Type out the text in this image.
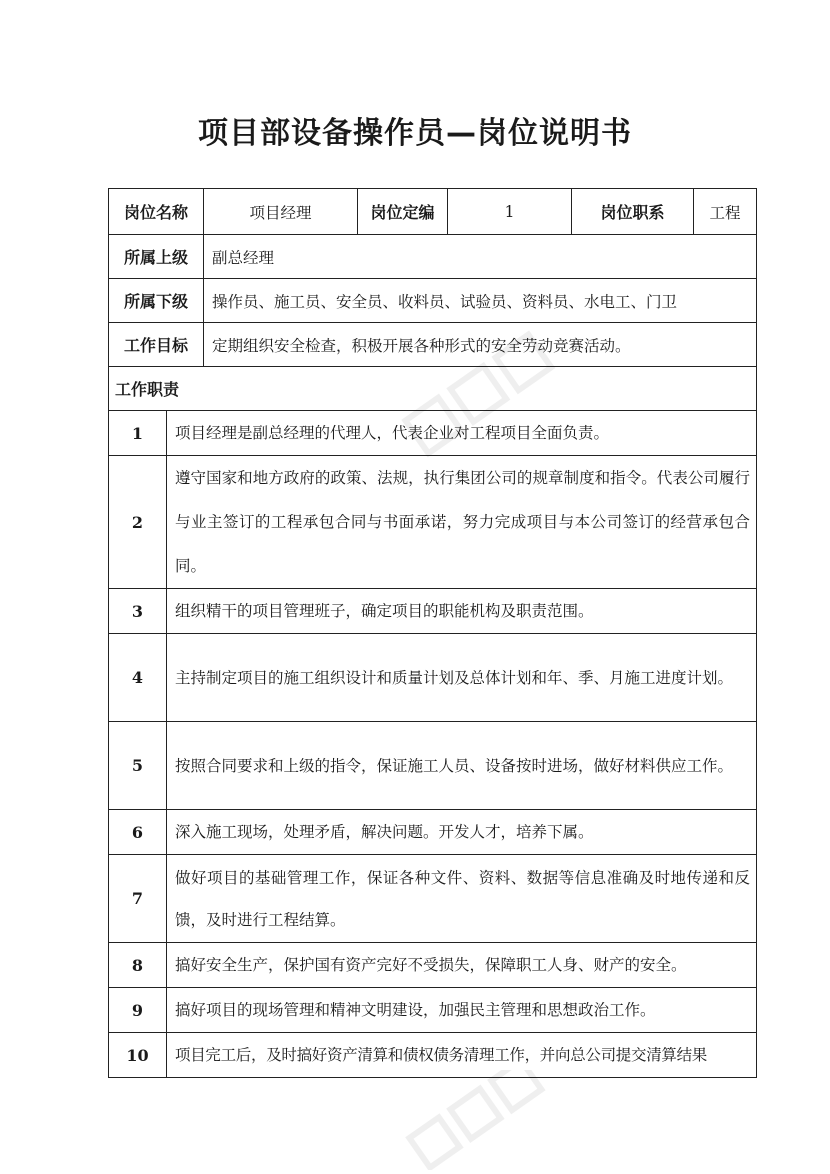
项目部设备操作员—岗位说明书
岗位名称		项目经理	岗位定编	1	岗位职系	工程
所属上级		副总经理				
所属下级		操作员、施工员、安全员、收料员、试验员、资料员、水电工、门卫				
工作目标		定期组织安全检查，积极开展各种形式的安全劳动竞赛活动。				
工作职责						
1	项目经理是副总经理的代理人，代表企业对工程项目全面负责。					
2	遵守国家和地方政府的政策、法规，执行集团公司的规章制度和指令。代表公司履行与业主签订的工程承包合同与书面承诺，努力完成项目与本公司签订的经营承包合同。					
3	组织精干的项目管理班子，确定项目的职能机构及职责范围。					
4	主持制定项目的施工组织设计和质量计划及总体计划和年、季、月施工进度计划。					
5	按照合同要求和上级的指令，保证施工人员、设备按时进场，做好材料供应工作。					
6	深入施工现场，处理矛盾，解决问题。开发人才，培养下属。					
7	做好项目的基础管理工作，保证各种文件、资料、数据等信息准确及时地传递和反馈，及时进行工程结算。					
8	搞好安全生产，保护国有资产完好不受损失，保障职工人身、财产的安全。					
9	搞好项目的现场管理和精神文明建设，加强民主管理和思想政治工作。					
10	项目完工后，及时搞好资产清算和债权债务清理工作，并向总公司提交清算结果					
